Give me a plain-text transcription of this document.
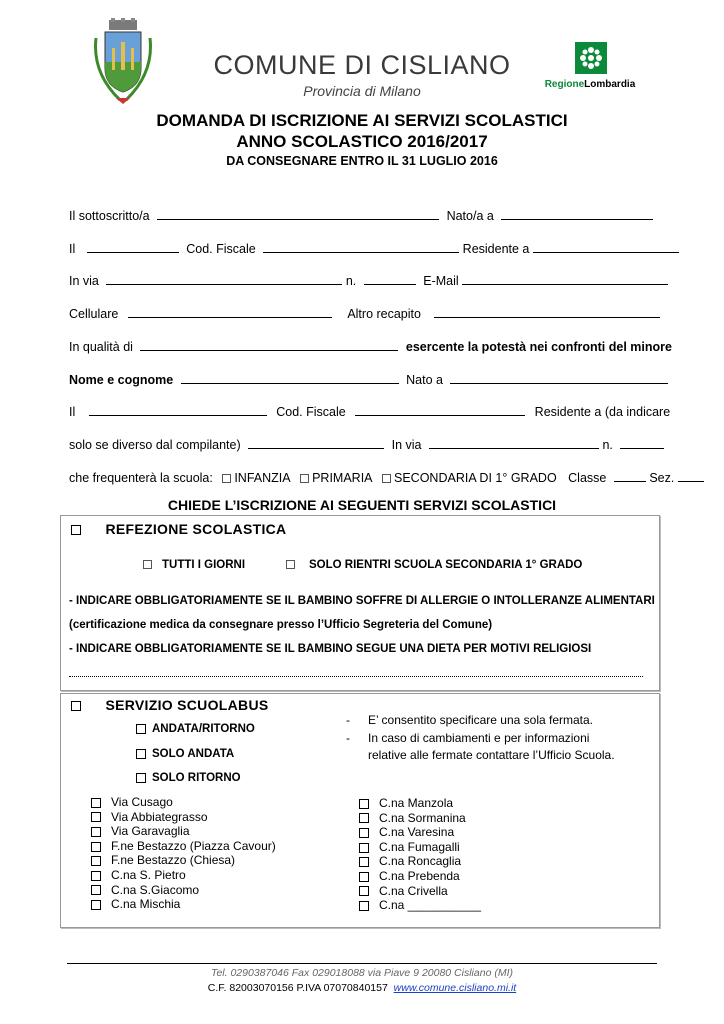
COMUNE DI CISLIANO
Provincia di Milano	RegioneLombardia
DOMANDA DI ISCRIZIONE AI SERVIZI SCOLASTICI
ANNO SCOLASTICO 2016/2017
DA CONSEGNARE ENTRO IL 31 LUGLIO 2016
Il sottoscritto/a	Nato/a a
Il	Cod. Fiscale	Residente a
In via	n.	E-Mail
Cellulare	Altro recapito
In qualità di	esercente la potestà nei confronti del minore
Nome e cognome	Nato a
Il	Cod. Fiscale	Residente a (da indicare
solo se diverso dal compilante)	In via	n.
che frequenterà la scuola: INFANZIA PRIMARIA SECONDARIA DI 1° GRADO Classe	Sez.
CHIEDE L’ISCRIZIONE AI SEGUENTI SERVIZI SCOLASTICI
REFEZIONE SCOLASTICA
TUTTI I GIORNI	SOLO RIENTRI SCUOLA SECONDARIA 1° GRADO
- INDICARE OBBLIGATORIAMENTE SE IL BAMBINO SOFFRE DI ALLERGIE O INTOLLERANZE ALIMENTARI
(certificazione medica da consegnare presso l’Ufficio Segreteria del Comune)
- INDICARE OBBLIGATORIAMENTE SE IL BAMBINO SEGUE UNA DIETA PER MOTIVI RELIGIOSI
SERVIZIO SCUOLABUS
ANDATA/RITORNO
SOLO ANDATA
SOLO RITORNO
- E’ consentito specificare una sola fermata.
- In caso di cambiamenti e per informazioni
relative alle fermate contattare l’Ufficio Scuola.
Via Cusago
Via Abbiategrasso
Via Garavaglia
F.ne Bestazzo (Piazza Cavour)
F.ne Bestazzo (Chiesa)
C.na S. Pietro
C.na S.Giacomo
C.na Mischia
C.na Manzola
C.na Sormanina
C.na Varesina
C.na Fumagalli
C.na Roncaglia
C.na Prebenda
C.na Crivella
C.na ___________
Tel. 0290387046 Fax 029018088 via Piave 9 20080 Cisliano (MI)
C.F. 82003070156 P.IVA 07070840157 www.comune.cisliano.mi.it
